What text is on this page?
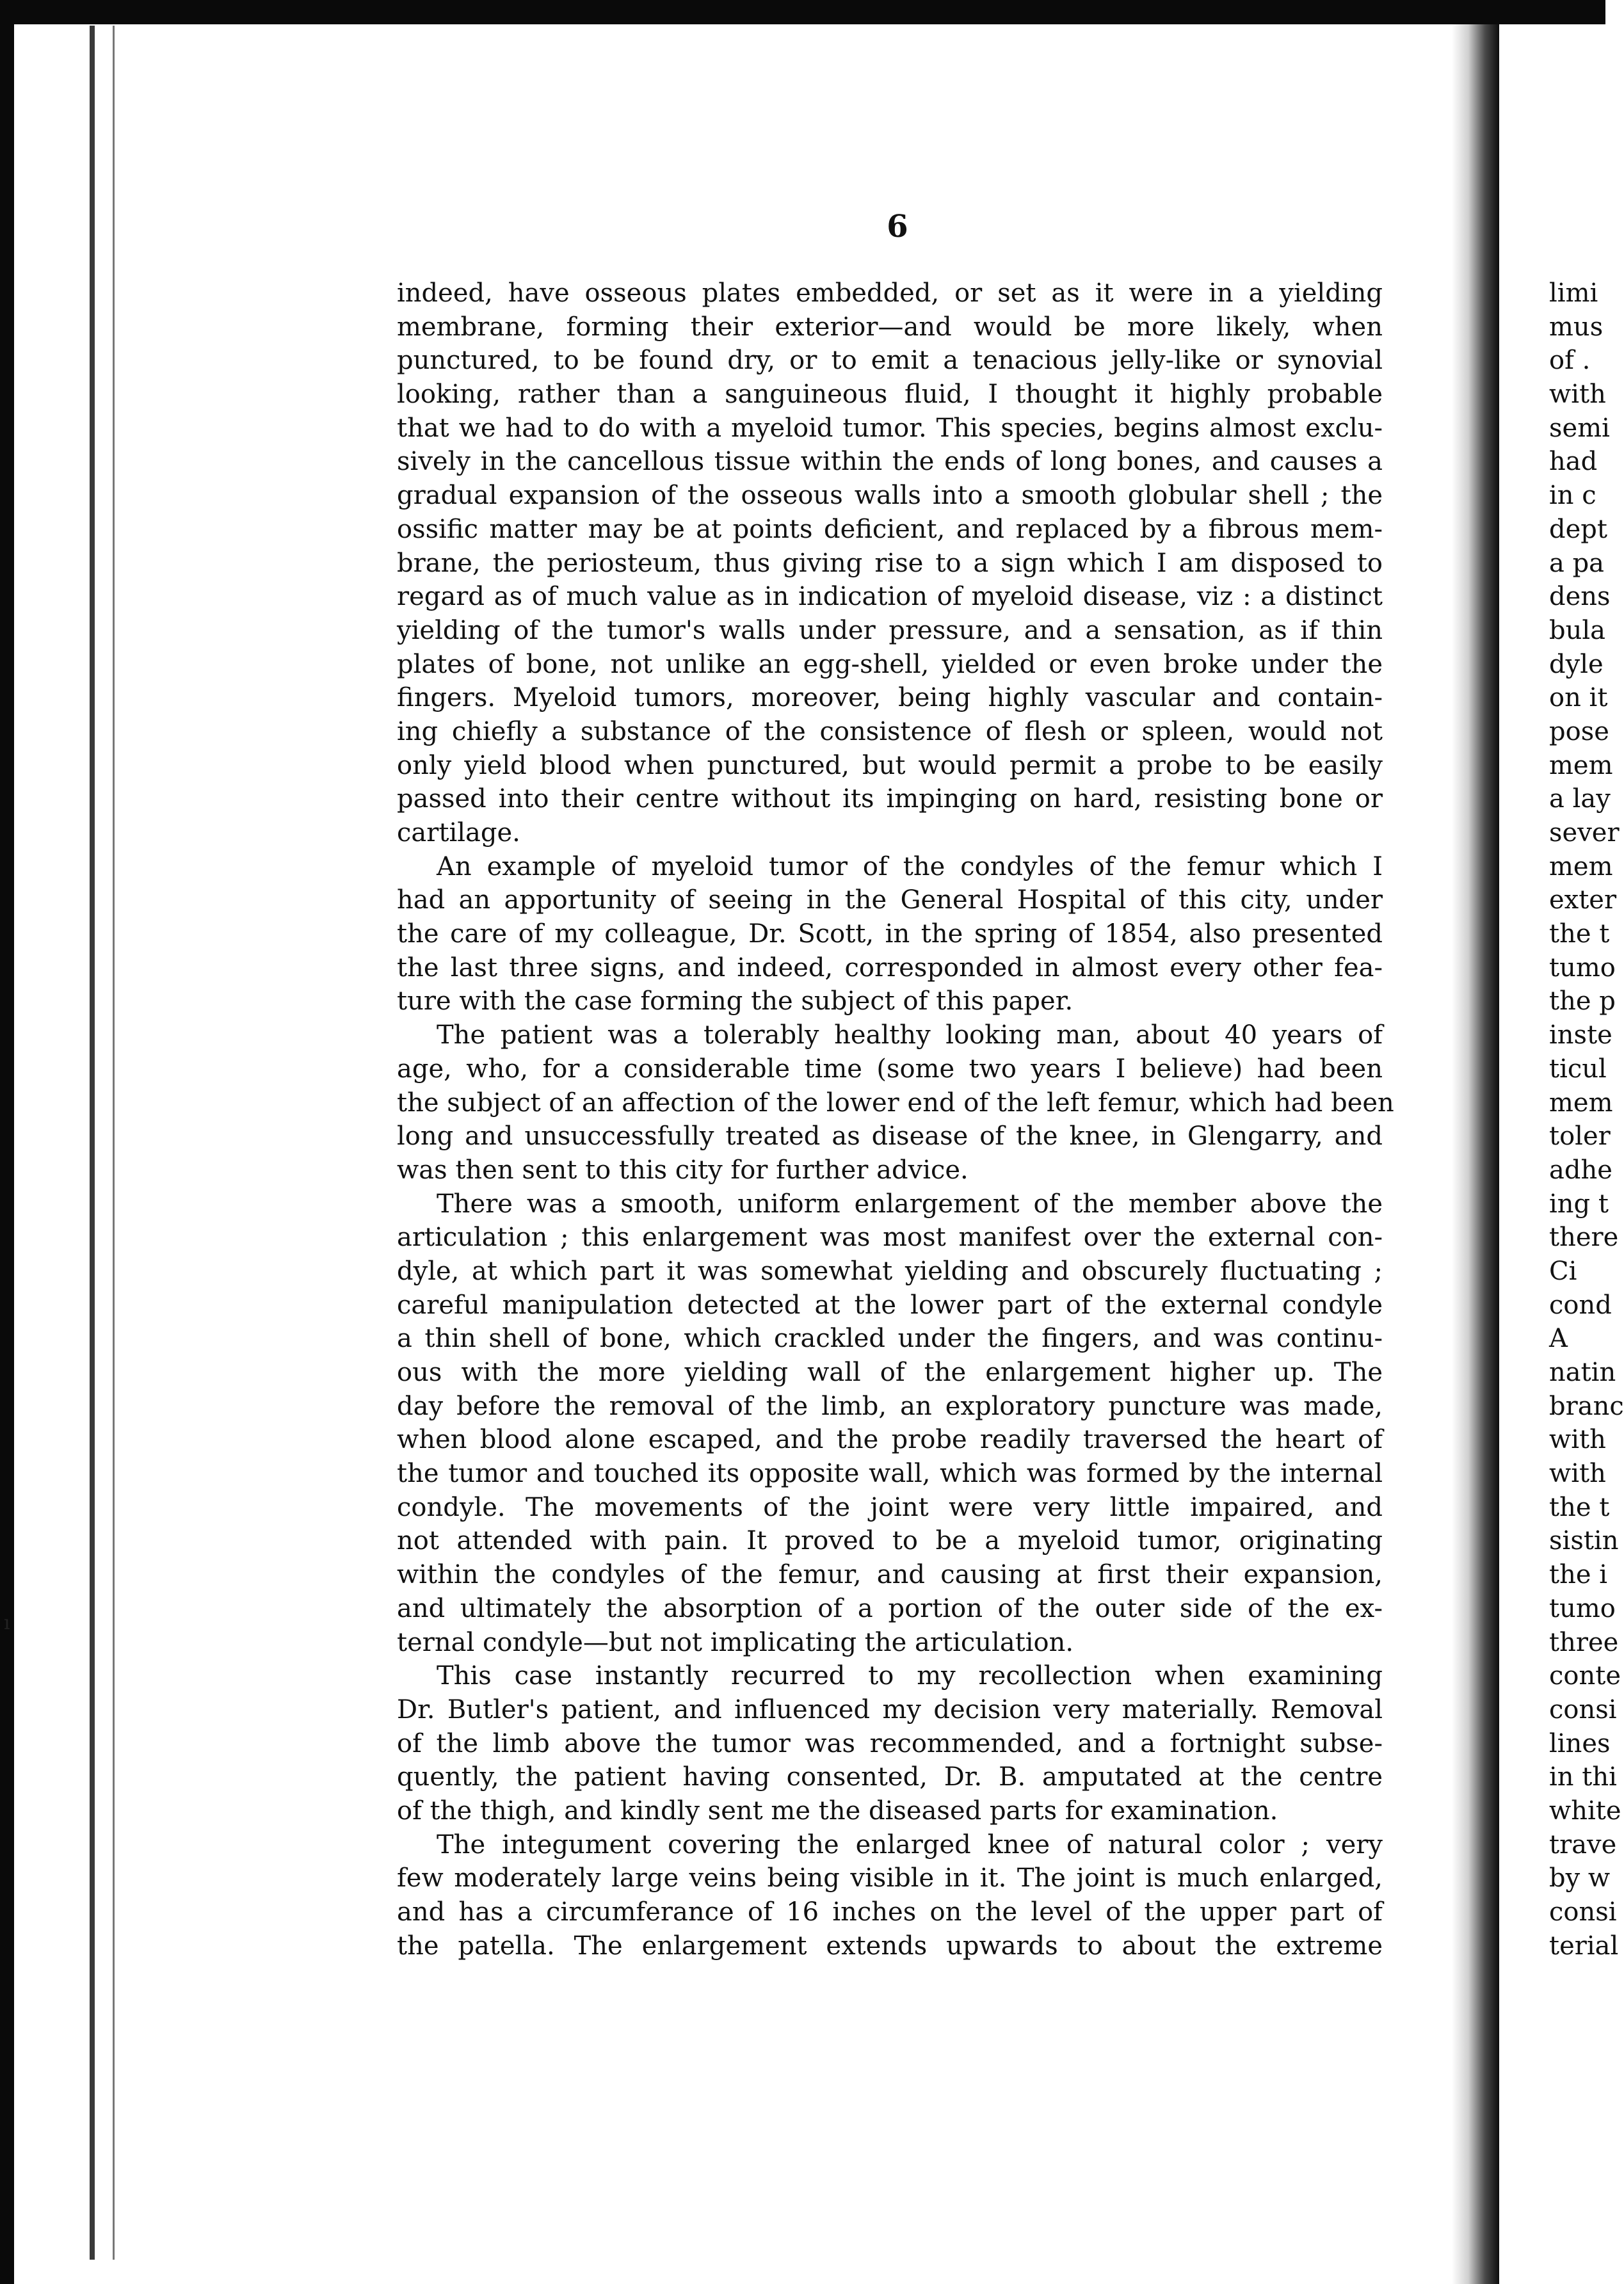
ı
6
indeed, have osseous plates embedded, or set as it were in a yielding
membrane, forming their exterior—and would be more likely, when
punctured, to be found dry, or to emit a tenacious jelly-like or synovial
looking, rather than a sanguineous fluid, I thought it highly probable
that we had to do with a myeloid tumor. This species, begins almost exclu-
sively in the cancellous tissue within the ends of long bones, and causes a
gradual expansion of the osseous walls into a smooth globular shell ; the
ossific matter may be at points deficient, and replaced by a fibrous mem-
brane, the periosteum, thus giving rise to a sign which I am disposed to
regard as of much value as in indication of myeloid disease, viz : a distinct
yielding of the tumor's walls under pressure, and a sensation, as if thin
plates of bone, not unlike an egg-shell, yielded or even broke under the
fingers. Myeloid tumors, moreover, being highly vascular and contain-
ing chiefly a substance of the consistence of flesh or spleen, would not
only yield blood when punctured, but would permit a probe to be easily
passed into their centre without its impinging on hard, resisting bone or
cartilage.
An example of myeloid tumor of the condyles of the femur which I
had an apportunity of seeing in the General Hospital of this city, under
the care of my colleague, Dr. Scott, in the spring of 1854, also presented
the last three signs, and indeed, corresponded in almost every other fea-
ture with the case forming the subject of this paper.
The patient was a tolerably healthy looking man, about 40 years of
age, who, for a considerable time (some two years I believe) had been
the subject of an affection of the lower end of the left femur, which had been
long and unsuccessfully treated as disease of the knee, in Glengarry, and
was then sent to this city for further advice.
There was a smooth, uniform enlargement of the member above the
articulation ; this enlargement was most manifest over the external con-
dyle, at which part it was somewhat yielding and obscurely fluctuating ;
careful manipulation detected at the lower part of the external condyle
a thin shell of bone, which crackled under the fingers, and was continu-
ous with the more yielding wall of the enlargement higher up. The
day before the removal of the limb, an exploratory puncture was made,
when blood alone escaped, and the probe readily traversed the heart of
the tumor and touched its opposite wall, which was formed by the internal
condyle. The movements of the joint were very little impaired, and
not attended with pain. It proved to be a myeloid tumor, originating
within the condyles of the femur, and causing at first their expansion,
and ultimately the absorption of a portion of the outer side of the ex-
ternal condyle—but not implicating the articulation.
This case instantly recurred to my recollection when examining
Dr. Butler's patient, and influenced my decision very materially. Removal
of the limb above the tumor was recommended, and a fortnight subse-
quently, the patient having consented, Dr. B. amputated at the centre
of the thigh, and kindly sent me the diseased parts for examination.
The integument covering the enlarged knee of natural color ; very
few moderately large veins being visible in it. The joint is much enlarged,
and has a circumferance of 16 inches on the level of the upper part of
the patella. The enlargement extends upwards to about the extreme
limi
mus
of .
with
semi
had
in c
dept
a pa
dens
bula
dyle
on it
pose
mem
a lay
sever
mem
exter
the t
tumo
the p
inste
ticul
mem
toler
adhe
ing t
there
Ci
cond
A
natin
branc
with
with
the t
sistin
the i
tumo
three
conte
consi
lines
in thi
white
trave
by w
consi
terial
